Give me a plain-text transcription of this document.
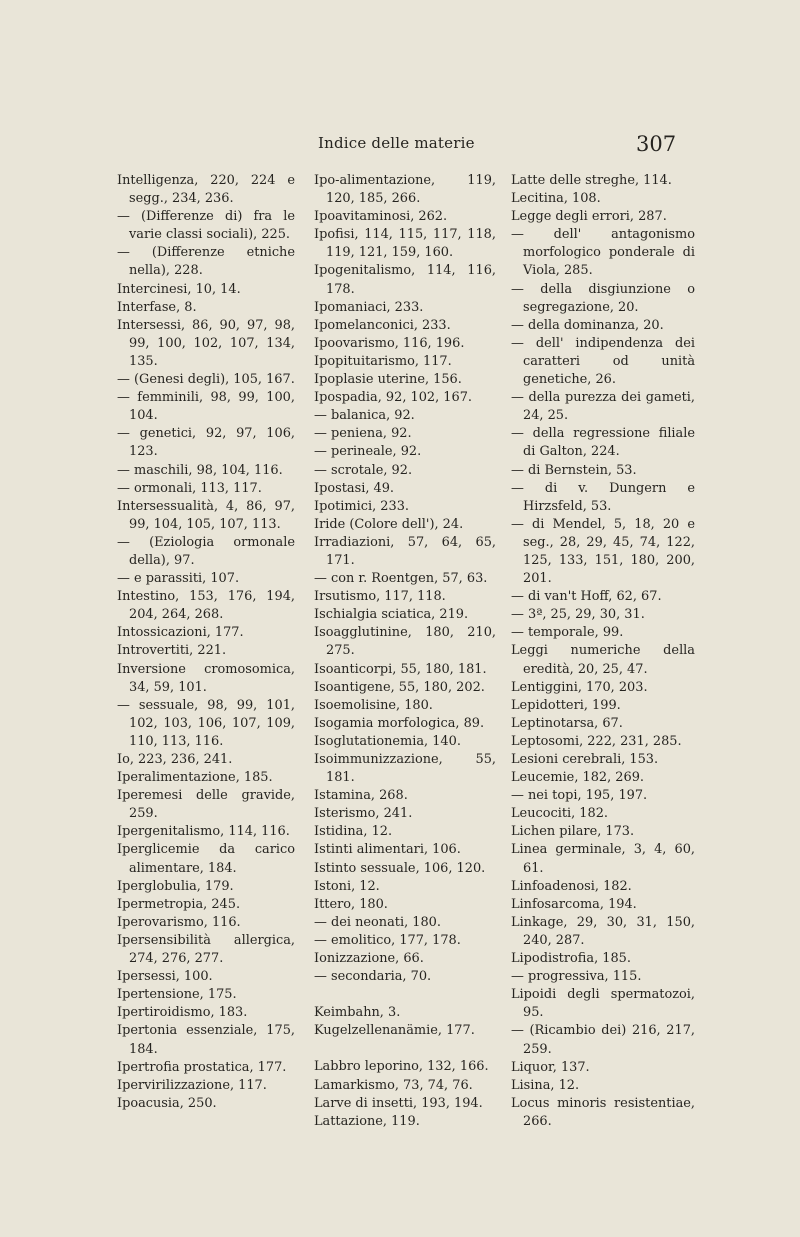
Indice delle materie	307
Intelligenza, 220, 224 e segg., 234, 236.
— (Differenze di) fra le varie classi sociali), 225.
— (Differenze etniche nella), 228.
Intercinesi, 10, 14.
Interfase, 8.
Intersessi, 86, 90, 97, 98, 99, 100, 102, 107, 134, 135.
— (Genesi degli), 105, 167.
— femminili, 98, 99, 100, 104.
— genetici, 92, 97, 106, 123.
— maschili, 98, 104, 116.
— ormonali, 113, 117.
Intersessualità, 4, 86, 97, 99, 104, 105, 107, 113.
— (Eziologia ormonale della), 97.
— e parassiti, 107.
Intestino, 153, 176, 194, 204, 264, 268.
Intossicazioni, 177.
Introvertiti, 221.
Inversione cromosomica, 34, 59, 101.
— sessuale, 98, 99, 101, 102, 103, 106, 107, 109, 110, 113, 116.
Io, 223, 236, 241.
Iperalimentazione, 185.
Iperemesi delle gravide, 259.
Ipergenitalismo, 114, 116.
Iperglicemie da carico alimentare, 184.
Iperglobulia, 179.
Ipermetropia, 245.
Iperovarismo, 116.
Ipersensibilità allergica, 274, 276, 277.
Ipersessi, 100.
Ipertensione, 175.
Ipertiroidismo, 183.
Ipertonia essenziale, 175, 184.
Ipertrofia prostatica, 177.
Ipervirilizzazione, 117.
Ipoacusia, 250.
Ipo-alimentazione, 119, 120, 185, 266.
Ipoavitaminosi, 262.
Ipofisi, 114, 115, 117, 118, 119, 121, 159, 160.
Ipogenitalismo, 114, 116, 178.
Ipomaniaci, 233.
Ipomelanconici, 233.
Ipoovarismo, 116, 196.
Ipopituitarismo, 117.
Ipoplasie uterine, 156.
Ipospadia, 92, 102, 167.
— balanica, 92.
— peniena, 92.
— perineale, 92.
— scrotale, 92.
Ipostasi, 49.
Ipotimici, 233.
Iride (Colore dell'), 24.
Irradiazioni, 57, 64, 65, 171.
— con r. Roentgen, 57, 63.
Irsutismo, 117, 118.
Ischialgia sciatica, 219.
Isoagglutinine, 180, 210, 275.
Isoanticorpi, 55, 180, 181.
Isoantigene, 55, 180, 202.
Isoemolisine, 180.
Isogamia morfologica, 89.
Isoglutationemia, 140.
Isoimmunizzazione, 55, 181.
Istamina, 268.
Isterismo, 241.
Istidina, 12.
Istinti alimentari, 106.
Istinto sessuale, 106, 120.
Istoni, 12.
Ittero, 180.
— dei neonati, 180.
— emolitico, 177, 178.
Ionizzazione, 66.
— secondaria, 70.
Keimbahn, 3.
Kugelzellenanämie, 177.
Labbro leporino, 132, 166.
Lamarkismo, 73, 74, 76.
Larve di insetti, 193, 194.
Lattazione, 119.
Latte delle streghe, 114.
Lecitina, 108.
Legge degli errori, 287.
— dell' antagonismo morfologico ponderale di Viola, 285.
— della disgiunzione o segregazione, 20.
— della dominanza, 20.
— dell' indipendenza dei caratteri od unità genetiche, 26.
— della purezza dei gameti, 24, 25.
— della regressione filiale di Galton, 224.
— di Bernstein, 53.
— di v. Dungern e Hirzsfeld, 53.
— di Mendel, 5, 18, 20 e seg., 28, 29, 45, 74, 122, 125, 133, 151, 180, 200, 201.
— di van't Hoff, 62, 67.
— 3ª, 25, 29, 30, 31.
— temporale, 99.
Leggi numeriche della eredità, 20, 25, 47.
Lentiggini, 170, 203.
Lepidotteri, 199.
Leptinotarsa, 67.
Leptosomi, 222, 231, 285.
Lesioni cerebrali, 153.
Leucemie, 182, 269.
— nei topi, 195, 197.
Leucociti, 182.
Lichen pilare, 173.
Linea germinale, 3, 4, 60, 61.
Linfoadenosi, 182.
Linfosarcoma, 194.
Linkage, 29, 30, 31, 150, 240, 287.
Lipodistrofia, 185.
— progressiva, 115.
Lipoidi degli spermatozoi, 95.
— (Ricambio dei) 216, 217, 259.
Liquor, 137.
Lisina, 12.
Locus minoris resistentiae, 266.
